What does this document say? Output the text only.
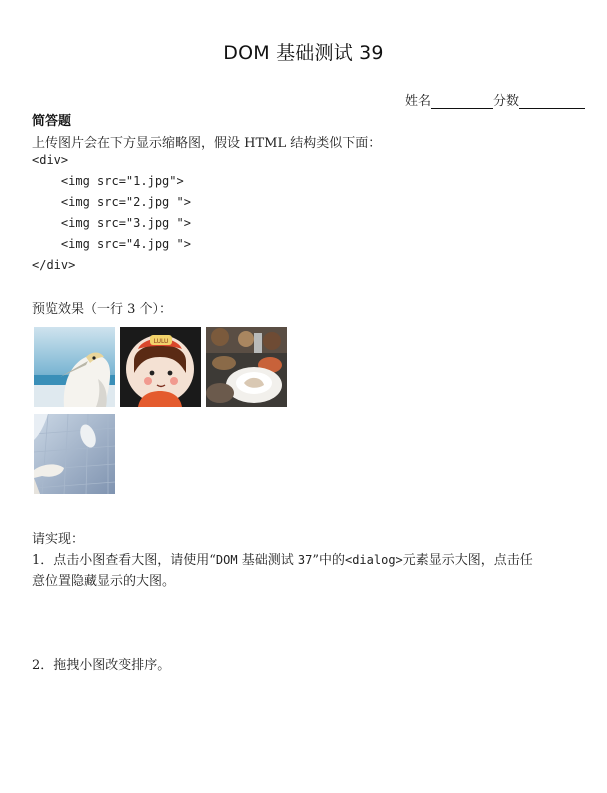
DOM 基础测试 39
姓名	分数
简答题
上传图片会在下方显示缩略图，假设 HTML 结构类似下面：
<div>
<img src="1.jpg">
<img src="2.jpg ">
<img src="3.jpg ">
<img src="4.jpg ">
</div>
预览效果（一行 3 个）：
LULU
请实现：
1．点击小图查看大图，请使用“DOM 基础测试 37”中的<dialog>元素显示大图，点击任
意位置隐藏显示的大图。
2．拖拽小图改变排序。
